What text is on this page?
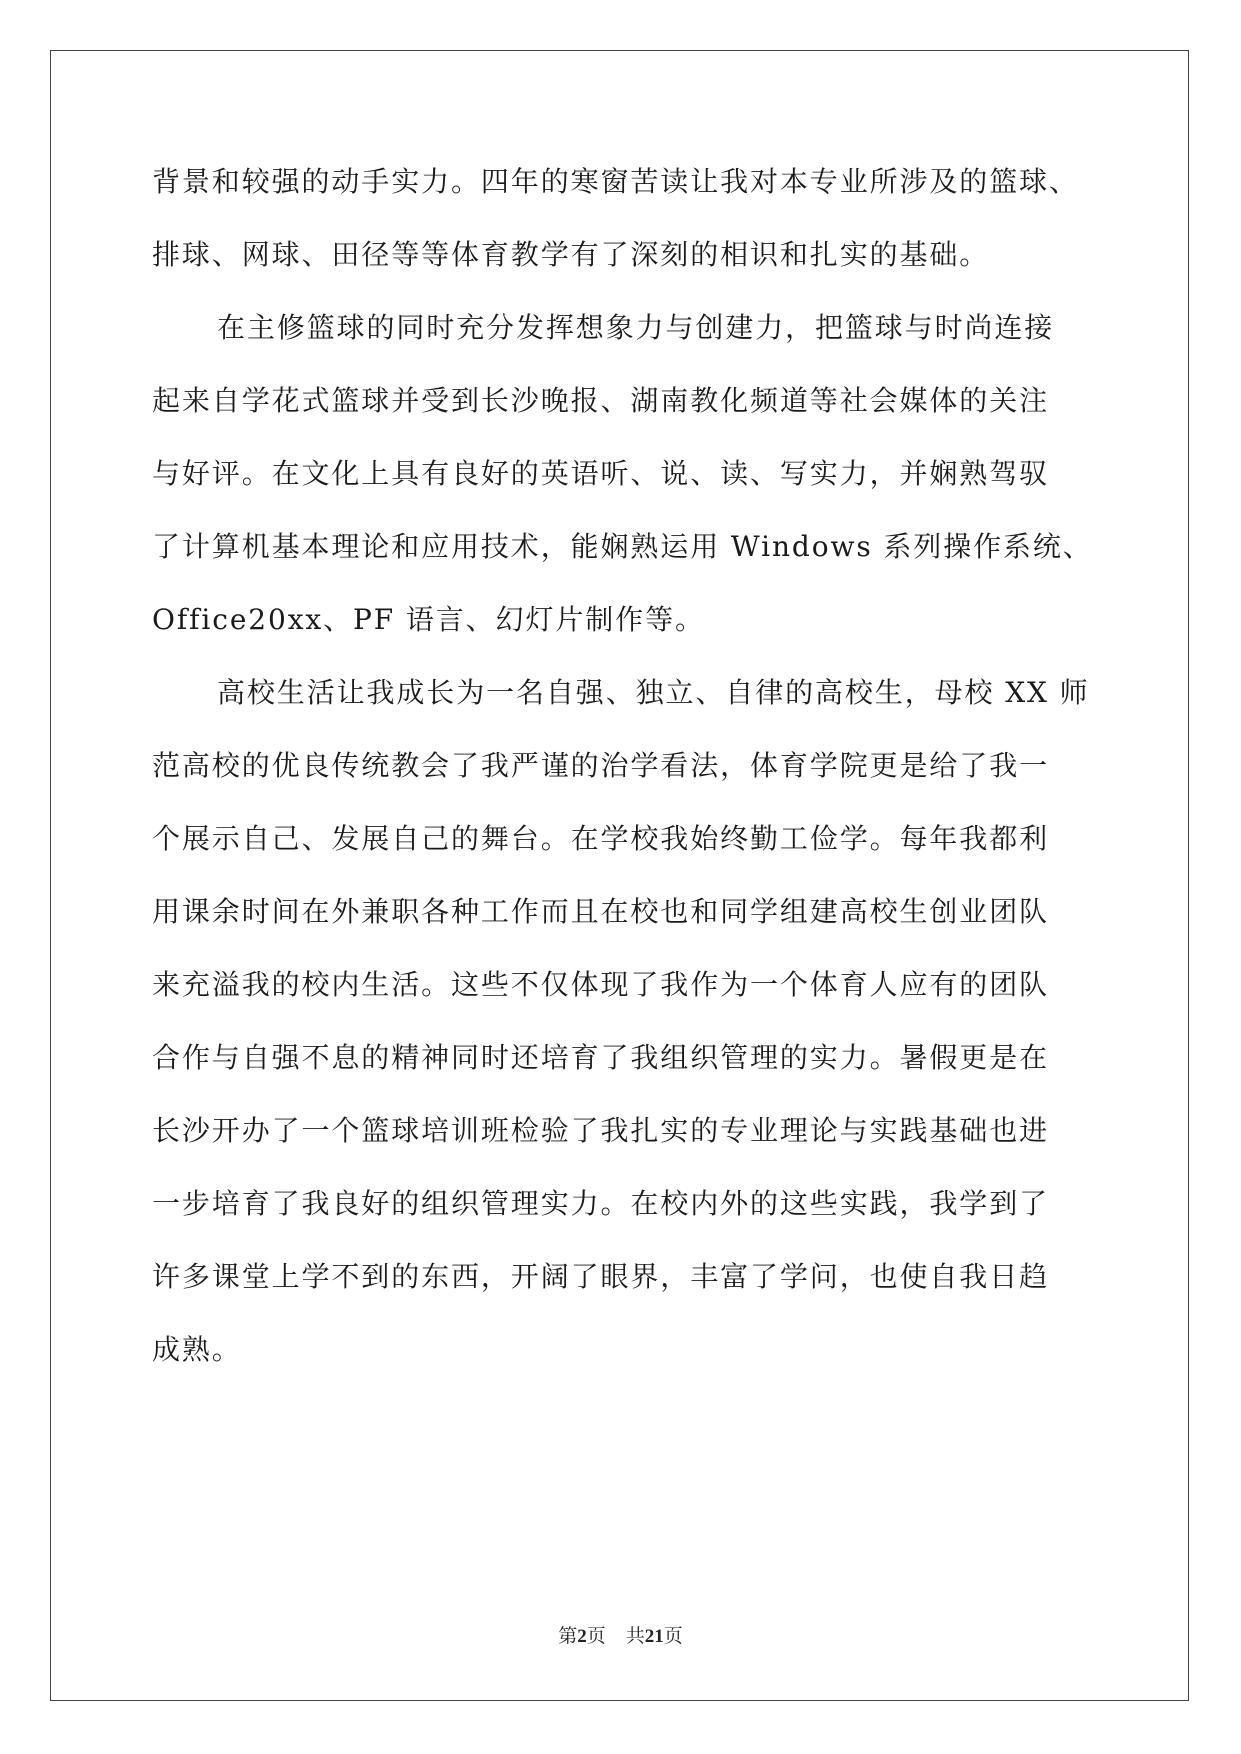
背景和较强的动手实力。四年的寒窗苦读让我对本专业所涉及的篮球、
排球、网球、田径等等体育教学有了深刻的相识和扎实的基础。
在主修篮球的同时充分发挥想象力与创建力，把篮球与时尚连接
起来自学花式篮球并受到长沙晚报、湖南教化频道等社会媒体的关注
与好评。在文化上具有良好的英语听、说、读、写实力，并娴熟驾驭
了计算机基本理论和应用技术，能娴熟运用 Windows 系列操作系统、
Office20xx、PF 语言、幻灯片制作等。
高校生活让我成长为一名自强、独立、自律的高校生，母校 XX 师
范高校的优良传统教会了我严谨的治学看法，体育学院更是给了我一
个展示自己、发展自己的舞台。在学校我始终勤工俭学。每年我都利
用课余时间在外兼职各种工作而且在校也和同学组建高校生创业团队
来充溢我的校内生活。这些不仅体现了我作为一个体育人应有的团队
合作与自强不息的精神同时还培育了我组织管理的实力。暑假更是在
长沙开办了一个篮球培训班检验了我扎实的专业理论与实践基础也进
一步培育了我良好的组织管理实力。在校内外的这些实践，我学到了
许多课堂上学不到的东西，开阔了眼界，丰富了学问，也使自我日趋
成熟。
第2页 共21页
